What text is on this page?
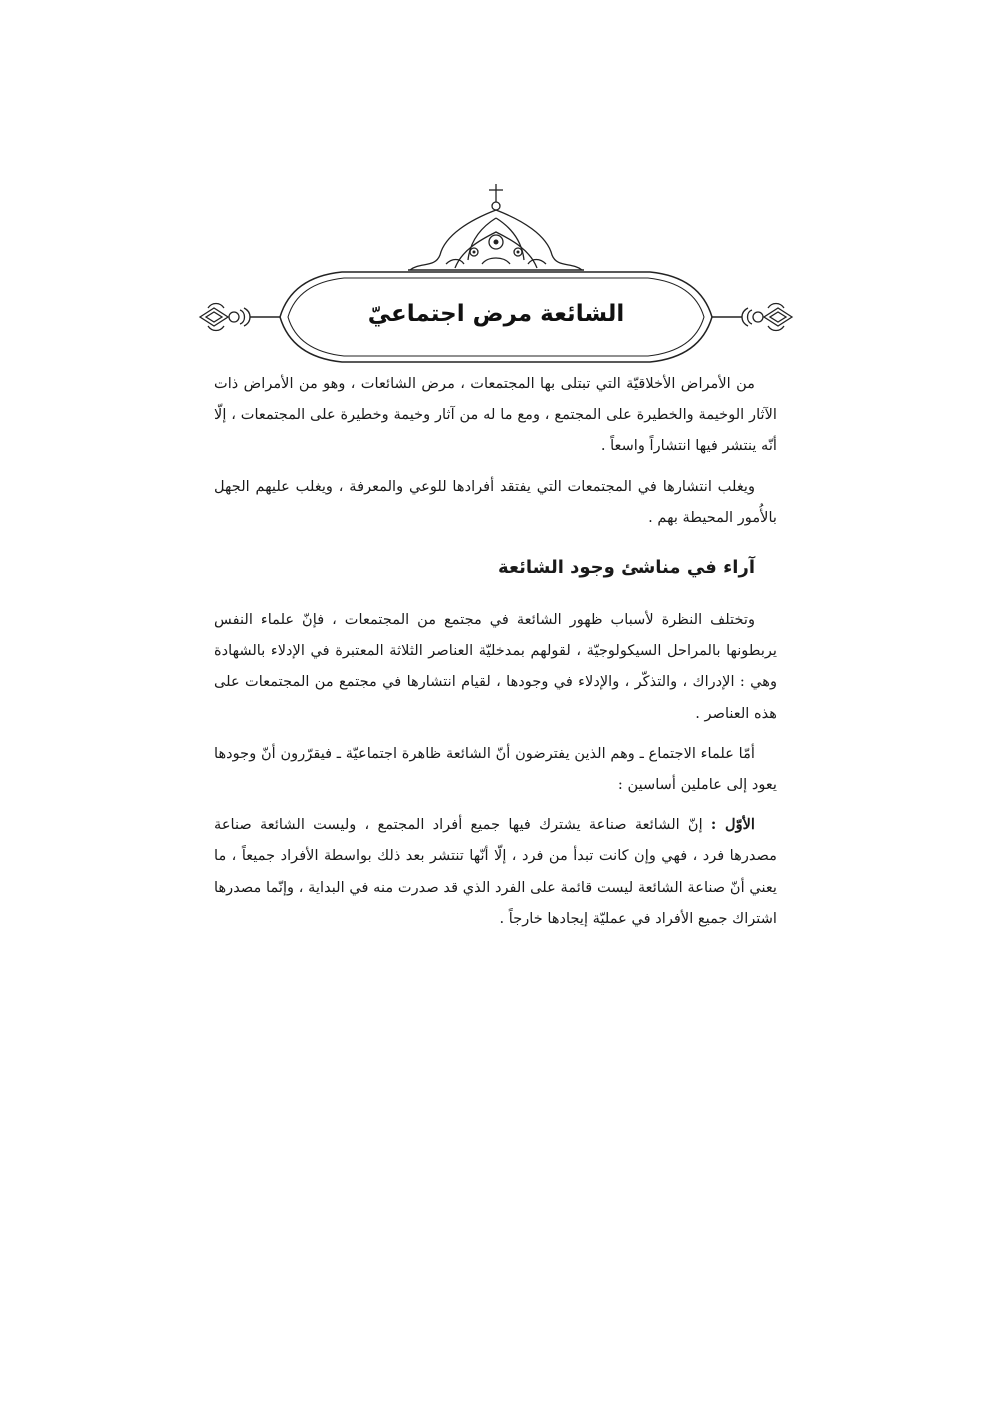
الشائعة مرض اجتماعيّ

من الأمراض الأخلاقيّة التي تبتلى بها المجتمعات ، مرض الشائعات ، وهو من الأمراض ذات الآثار الوخيمة والخطيرة على المجتمع ، ومع ما له من آثار وخيمة وخطيرة على المجتمعات ، إلّا أنّه ينتشر فيها انتشاراً واسعاً .

ويغلب انتشارها في المجتمعات التي يفتقد أفرادها للوعي والمعرفة ، ويغلب عليهم الجهل بالأُمور المحيطة بهم .

آراء في مناشئ وجود الشائعة

وتختلف النظرة لأسباب ظهور الشائعة في مجتمع من المجتمعات ، فإنّ علماء النفس يربطونها بالمراحل السيكولوجيّة ، لقولهم بمدخليّة العناصر الثلاثة المعتبرة في الإدلاء بالشهادة وهي : الإدراك ، والتذكّر ، والإدلاء في وجودها ، لقيام انتشارها في مجتمع من المجتمعات على هذه العناصر .

أمّا علماء الاجتماع ـ وهم الذين يفترضون أنّ الشائعة ظاهرة اجتماعيّة ـ فيقرّرون أنّ وجودها يعود إلى عاملين أساسين :

الأوّل : إنّ الشائعة صناعة يشترك فيها جميع أفراد المجتمع ، وليست الشائعة صناعة مصدرها فرد ، فهي وإن كانت تبدأ من فرد ، إلّا أنّها تنتشر بعد ذلك بواسطة الأفراد جميعاً ، ما يعني أنّ صناعة الشائعة ليست قائمة على الفرد الذي قد صدرت منه في البداية ، وإنّما مصدرها اشتراك جميع الأفراد في عمليّة إيجادها خارجاً .
